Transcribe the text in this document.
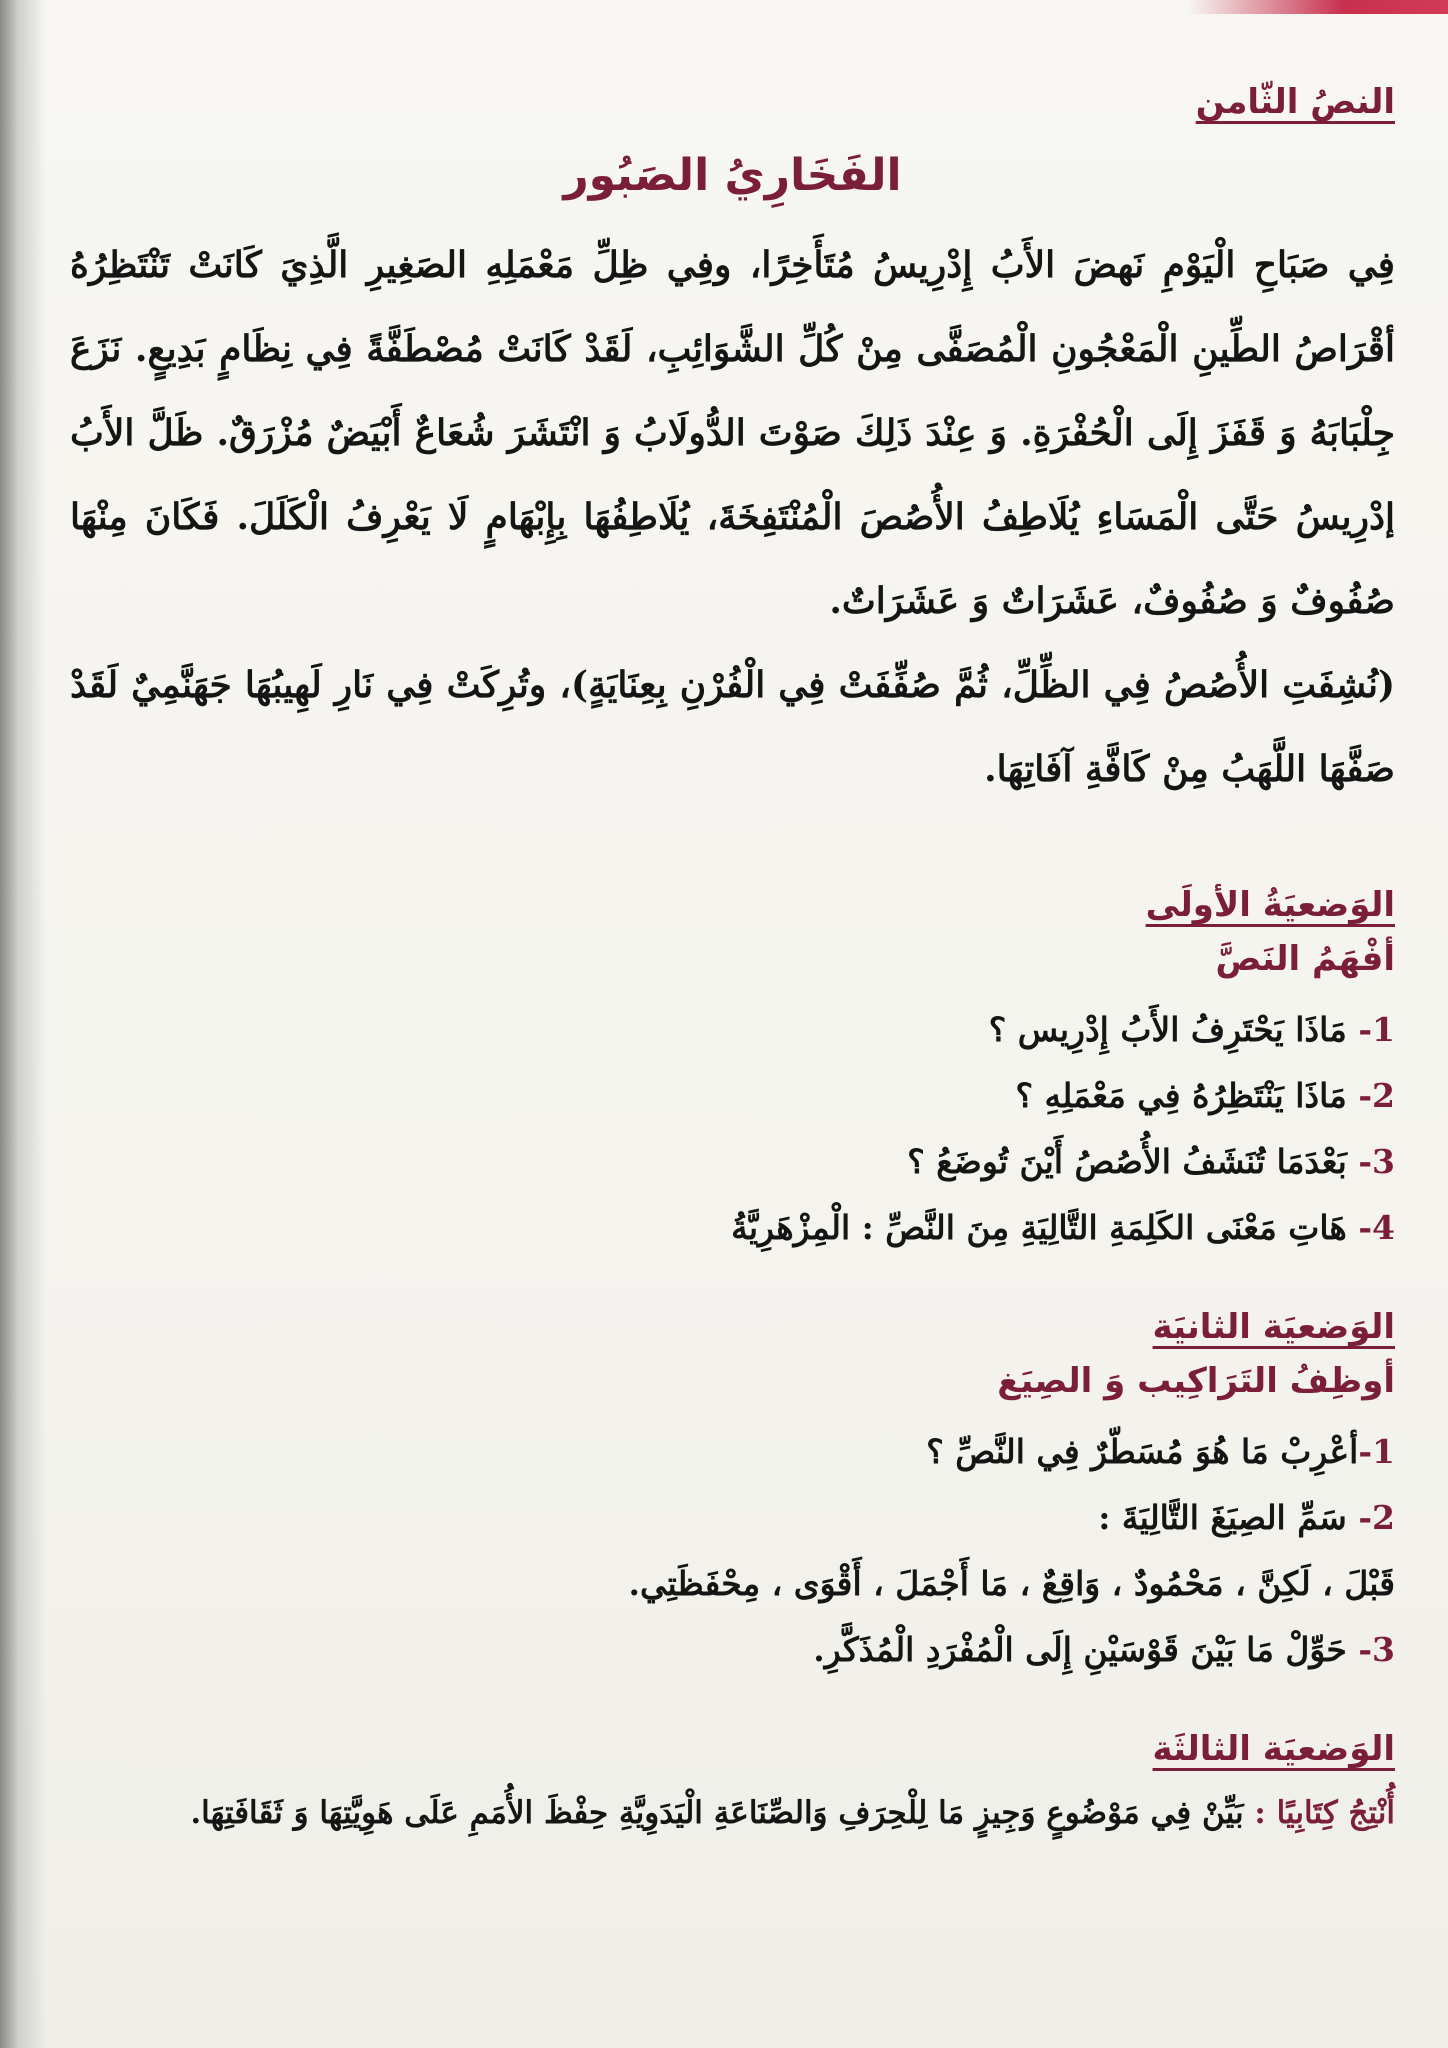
النصُ الثّامن

الفَخَارِيُ الصَبُور

فِي صَبَاحِ الْيَوْمِ نَهضَ الأَبُ إِدْرِيسُ مُتَأَخِرًا، وفِي ظِلِّ مَعْمَلِهِ الصَغِيرِ الَّذِيَ كَانَتْ تَنْتَظِرُهُ أقْرَاصُ الطِّينِ الْمَعْجُونِ الْمُصَفَّى مِنْ كُلِّ الشَّوَائِبِ، لَقَدْ كَانَتْ مُصْطَفَّةً فِي نِظَامٍ بَدِيعٍ. نَزَعَ جِلْبَابَهُ وَ قَفَزَ إِلَى الْحُفْرَةِ. وَ عِنْدَ ذَلِكَ صَوْتَ الدُّولَابُ وَ انْتَشَرَ شُعَاعٌ أَبْيَضٌ مُزْرَقٌ. ظَلَّ الأَبُ إدْرِيسُ حَتَّى الْمَسَاءِ يُلَاطِفُ الأُصُصَ الْمُنْتَفِخَةَ، يُلَاطِفُهَا بِإِبْهَامٍ لَا يَعْرِفُ الْكَلَلَ. فَكَانَ مِنْهَا صُفُوفٌ وَ صُفُوفٌ، عَشَرَاتٌ وَ عَشَرَاتٌ.

(نُشِفَتِ الأُصُصُ فِي الظِّلِّ، ثُمَّ صُفِّفَتْ فِي الْفُرْنِ بِعِنَايَةٍ)، وتُرِكَتْ فِي نَارِ لَهِيبُهَا جَهَنَّمِيٌ لَقَدْ صَفَّهَا اللَّهَبُ مِنْ كَافَّةِ آفَاتِهَا.

الوَضعيَةُ الأولَى
أفْهَمُ النَصَّ

1- مَاذَا يَحْتَرِفُ الأَبُ إِدْرِيس ؟

2- مَاذَا يَنْتَظِرُهُ فِي مَعْمَلِهِ ؟

3- بَعْدَمَا تُنَشَفُ الأُصُصُ أَيْنَ تُوضَعُ ؟

4- هَاتِ مَعْنَى الكَلِمَةِ التَّالِيَةِ مِنَ النَّصِّ : الْمِزْهَرِيَّةُ

الوَضعيَة الثانيَة
أوظِفُ التَرَاكِيب وَ الصِيَغ

1-أعْرِبْ مَا هُوَ مُسَطّرٌ فِي النَّصِّ ؟

2- سَمِّ الصِيَغَ التَّالِيَةَ :

قَبْلَ ، لَكِنَّ ، مَحْمُودٌ ، وَاقِعٌ ، مَا أَجْمَلَ ، أَقْوَى ، مِحْفَظَتِي.

3- حَوِّلْ مَا بَيْنَ قَوْسَيْنِ إِلَى الْمُفْرَدِ الْمُذَكَّرِ.

الوَضعيَة الثالثَة

أُنْتِجُ كِتَابِيًا : بَيِّنْ فِي مَوْضُوعٍ وَجِيزٍ مَا لِلْحِرَفِ وَالصِّنَاعَةِ الْيَدَوِيَّةِ حِفْظَ الأُمَمِ عَلَى هَوِيَّتِهَا وَ ثَقَافَتِهَا.
